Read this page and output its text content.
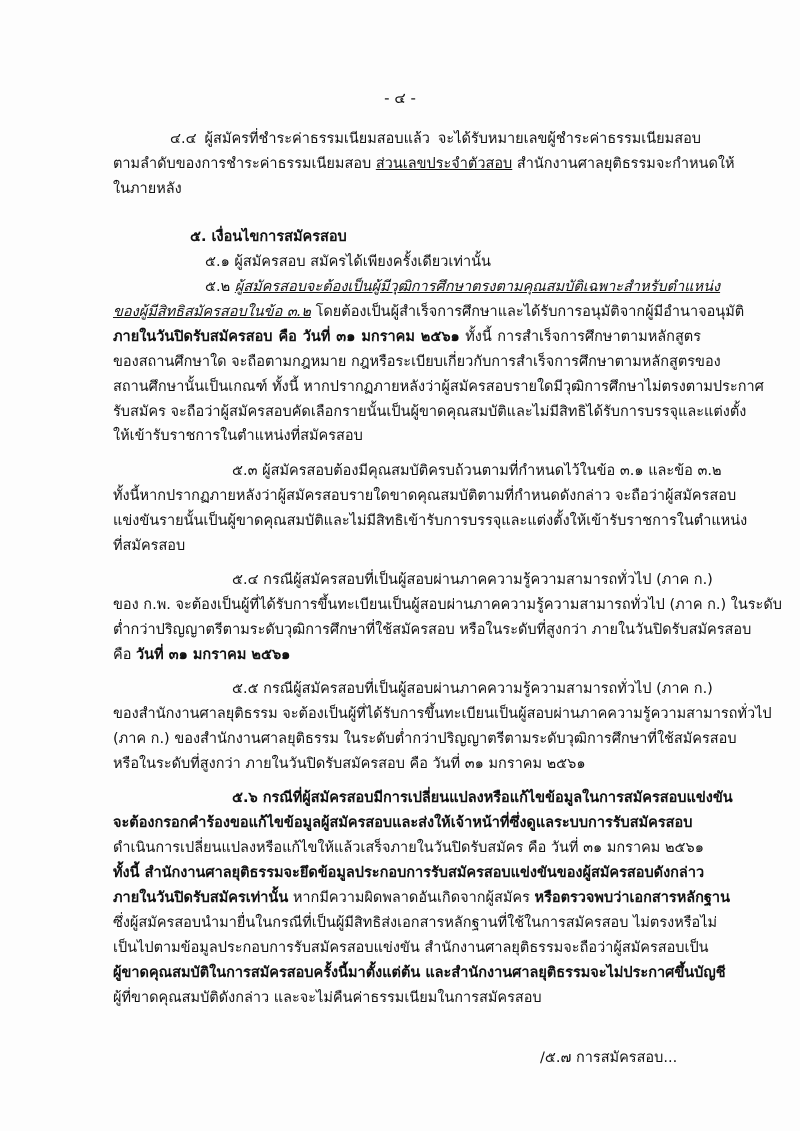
- ๔ -
๔.๔ ผู้สมัครที่ชำระค่าธรรมเนียมสอบแล้ว จะได้รับหมายเลขผู้ชำระค่าธรรมเนียมสอบ
ตามลำดับของการชำระค่าธรรมเนียมสอบ ส่วนเลขประจำตัวสอบ สำนักงานศาลยุติธรรมจะกำหนดให้
ในภายหลัง
๕. เงื่อนไขการสมัครสอบ
๕.๑ ผู้สมัครสอบ สมัครได้เพียงครั้งเดียวเท่านั้น
๕.๒ ผู้สมัครสอบจะต้องเป็นผู้มีวุฒิการศึกษาตรงตามคุณสมบัติเฉพาะสำหรับตำแหน่ง
ของผู้มีสิทธิสมัครสอบในข้อ ๓.๒ โดยต้องเป็นผู้สำเร็จการศึกษาและได้รับการอนุมัติจากผู้มีอำนาจอนุมัติ
ภายในวันปิดรับสมัครสอบ คือ วันที่ ๓๑ มกราคม ๒๕๖๑ ทั้งนี้ การสำเร็จการศึกษาตามหลักสูตร
ของสถานศึกษาใด จะถือตามกฎหมาย กฎหรือระเบียบเกี่ยวกับการสำเร็จการศึกษาตามหลักสูตรของ
สถานศึกษานั้นเป็นเกณฑ์ ทั้งนี้ หากปรากฏภายหลังว่าผู้สมัครสอบรายใดมีวุฒิการศึกษาไม่ตรงตามประกาศ
รับสมัคร จะถือว่าผู้สมัครสอบคัดเลือกรายนั้นเป็นผู้ขาดคุณสมบัติและไม่มีสิทธิได้รับการบรรจุและแต่งตั้ง
ให้เข้ารับราชการในตำแหน่งที่สมัครสอบ
๕.๓ ผู้สมัครสอบต้องมีคุณสมบัติครบถ้วนตามที่กำหนดไว้ในข้อ ๓.๑ และข้อ ๓.๒
ทั้งนี้หากปรากฏภายหลังว่าผู้สมัครสอบรายใดขาดคุณสมบัติตามที่กำหนดดังกล่าว จะถือว่าผู้สมัครสอบ
แข่งขันรายนั้นเป็นผู้ขาดคุณสมบัติและไม่มีสิทธิเข้ารับการบรรจุและแต่งตั้งให้เข้ารับราชการในตำแหน่ง
ที่สมัครสอบ
๕.๔ กรณีผู้สมัครสอบที่เป็นผู้สอบผ่านภาคความรู้ความสามารถทั่วไป (ภาค ก.)
ของ ก.พ. จะต้องเป็นผู้ที่ได้รับการขึ้นทะเบียนเป็นผู้สอบผ่านภาคความรู้ความสามารถทั่วไป (ภาค ก.) ในระดับ
ต่ำกว่าปริญญาตรีตามระดับวุฒิการศึกษาที่ใช้สมัครสอบ หรือในระดับที่สูงกว่า ภายในวันปิดรับสมัครสอบ
คือ วันที่ ๓๑ มกราคม ๒๕๖๑
๕.๕ กรณีผู้สมัครสอบที่เป็นผู้สอบผ่านภาคความรู้ความสามารถทั่วไป (ภาค ก.)
ของสำนักงานศาลยุติธรรม จะต้องเป็นผู้ที่ได้รับการขึ้นทะเบียนเป็นผู้สอบผ่านภาคความรู้ความสามารถทั่วไป
(ภาค ก.) ของสำนักงานศาลยุติธรรม ในระดับต่ำกว่าปริญญาตรีตามระดับวุฒิการศึกษาที่ใช้สมัครสอบ
หรือในระดับที่สูงกว่า ภายในวันปิดรับสมัครสอบ คือ วันที่ ๓๑ มกราคม ๒๕๖๑
๕.๖ กรณีที่ผู้สมัครสอบมีการเปลี่ยนแปลงหรือแก้ไขข้อมูลในการสมัครสอบแข่งขัน
จะต้องกรอกคำร้องขอแก้ไขข้อมูลผู้สมัครสอบและส่งให้เจ้าหน้าที่ซึ่งดูแลระบบการรับสมัครสอบ
ดำเนินการเปลี่ยนแปลงหรือแก้ไขให้แล้วเสร็จภายในวันปิดรับสมัคร คือ วันที่ ๓๑ มกราคม ๒๕๖๑
ทั้งนี้ สำนักงานศาลยุติธรรมจะยึดข้อมูลประกอบการรับสมัครสอบแข่งขันของผู้สมัครสอบดังกล่าว
ภายในวันปิดรับสมัครเท่านั้น หากมีความผิดพลาดอันเกิดจากผู้สมัคร หรือตรวจพบว่าเอกสารหลักฐาน
ซึ่งผู้สมัครสอบนำมายื่นในกรณีที่เป็นผู้มีสิทธิส่งเอกสารหลักฐานที่ใช้ในการสมัครสอบ ไม่ตรงหรือไม่
เป็นไปตามข้อมูลประกอบการรับสมัครสอบแข่งขัน สำนักงานศาลยุติธรรมจะถือว่าผู้สมัครสอบเป็น
ผู้ขาดคุณสมบัติในการสมัครสอบครั้งนี้มาตั้งแต่ต้น และสำนักงานศาลยุติธรรมจะไม่ประกาศขึ้นบัญชี
ผู้ที่ขาดคุณสมบัติดังกล่าว และจะไม่คืนค่าธรรมเนียมในการสมัครสอบ
/๕.๗ การสมัครสอบ...
